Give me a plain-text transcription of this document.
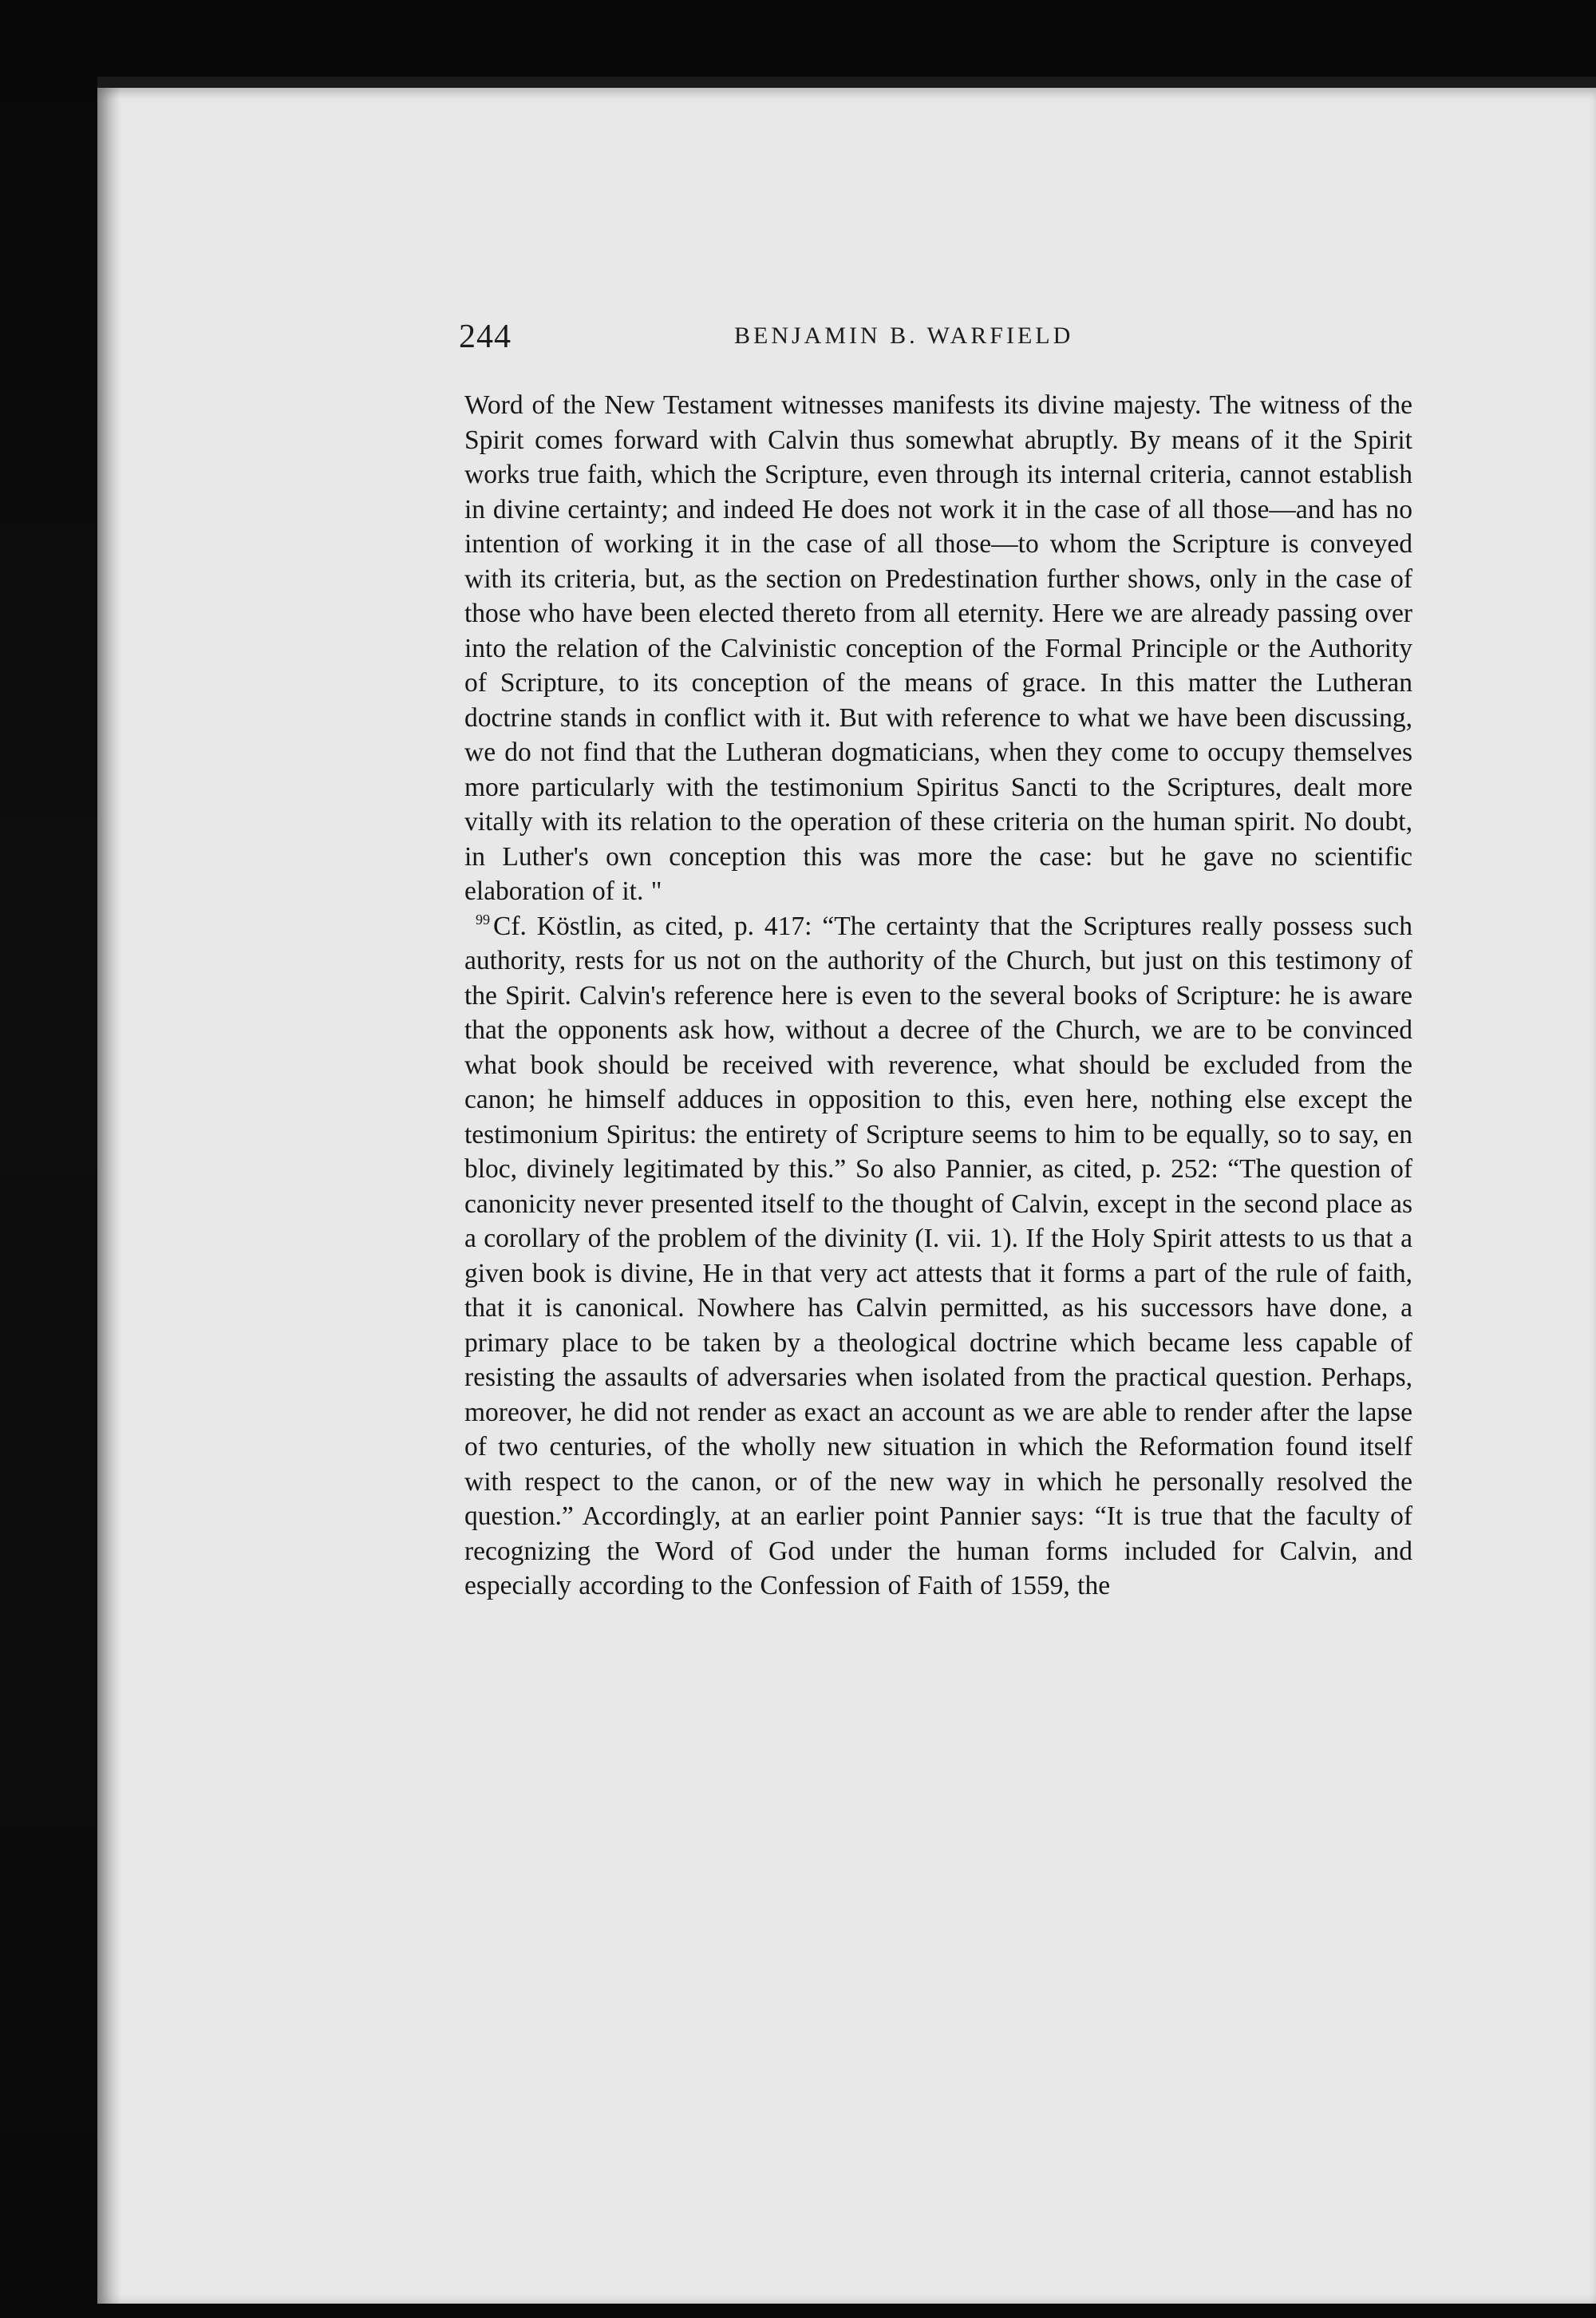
244	BENJAMIN B. WARFIELD

Word of the New Testament witnesses manifests its divine majesty. The witness of the Spirit comes forward with Calvin thus somewhat abruptly. By means of it the Spirit works true faith, which the Scripture, even through its internal criteria, cannot establish in divine certainty; and indeed He does not work it in the case of all those—and has no intention of working it in the case of all those—to whom the Scripture is conveyed with its criteria, but, as the section on Predestination further shows, only in the case of those who have been elected thereto from all eternity. Here we are already passing over into the relation of the Calvinistic conception of the Formal Principle or the Authority of Scripture, to its conception of the means of grace. In this matter the Lutheran doctrine stands in conflict with it. But with reference to what we have been discussing, we do not find that the Lutheran dogmaticians, when they come to occupy themselves more particularly with the testimonium Spiritus Sancti to the Scriptures, dealt more vitally with its relation to the operation of these criteria on the human spirit. No doubt, in Luther's own conception this was more the case: but he gave no scientific elaboration of it. "

$^{99}$ Cf. Köstlin, as cited, p. 417: “The certainty that the Scriptures really possess such authority, rests for us not on the authority of the Church, but just on this testimony of the Spirit. Calvin's reference here is even to the several books of Scripture: he is aware that the opponents ask how, without a decree of the Church, we are to be convinced what book should be received with reverence, what should be excluded from the canon; he himself adduces in opposition to this, even here, nothing else except the testimonium Spiritus: the entirety of Scripture seems to him to be equally, so to say, en bloc, divinely legitimated by this.” So also Pannier, as cited, p. 252: “The question of canonicity never presented itself to the thought of Calvin, except in the second place as a corollary of the problem of the divinity (I. vii. 1). If the Holy Spirit attests to us that a given book is divine, He in that very act attests that it forms a part of the rule of faith, that it is canonical. Nowhere has Calvin permitted, as his successors have done, a primary place to be taken by a theological doctrine which became less capable of resisting the assaults of adversaries when isolated from the practical question. Perhaps, moreover, he did not render as exact an account as we are able to render after the lapse of two centuries, of the wholly new situation in which the Reformation found itself with respect to the canon, or of the new way in which he personally resolved the question.” Accordingly, at an earlier point Pannier says: “It is true that the faculty of recognizing the Word of God under the human forms included for Calvin, and especially according to the Confession of Faith of 1559, the
